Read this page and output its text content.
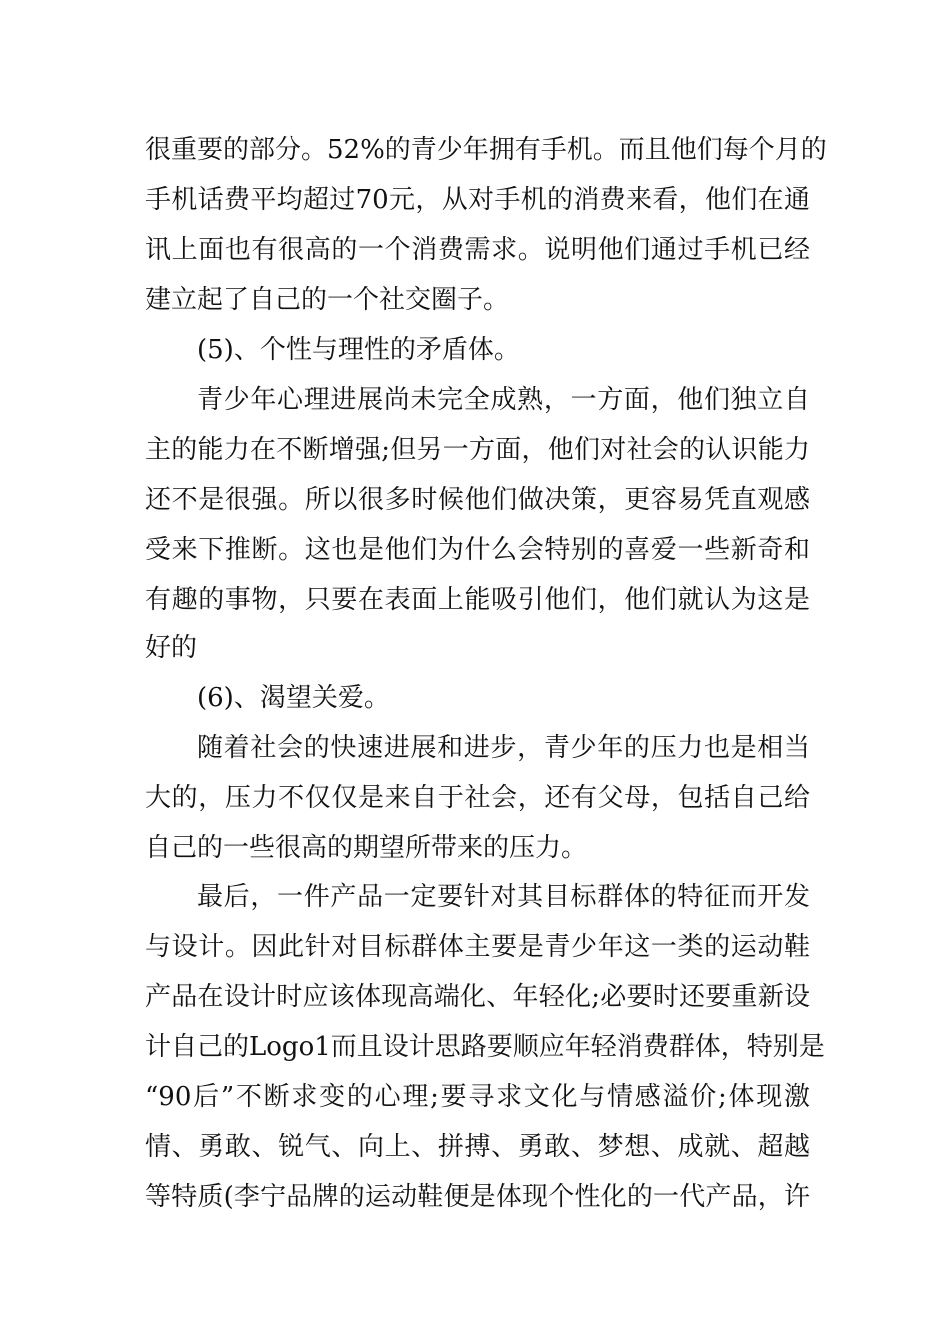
很重要的部分。52%的青少年拥有手机。而且他们每个月的
手机话费平均超过70元，从对手机的消费来看，他们在通
讯上面也有很高的一个消费需求。说明他们通过手机已经
建立起了自己的一个社交圈子。
(5)、个性与理性的矛盾体。
青少年心理进展尚未完全成熟，一方面，他们独立自
主的能力在不断增强;但另一方面，他们对社会的认识能力
还不是很强。所以很多时候他们做决策，更容易凭直观感
受来下推断。这也是他们为什么会特别的喜爱一些新奇和
有趣的事物，只要在表面上能吸引他们，他们就认为这是
好的
(6)、渴望关爱。
随着社会的快速进展和进步，青少年的压力也是相当
大的，压力不仅仅是来自于社会，还有父母，包括自己给
自己的一些很高的期望所带来的压力。
最后，一件产品一定要针对其目标群体的特征而开发
与设计。因此针对目标群体主要是青少年这一类的运动鞋
产品在设计时应该体现高端化、年轻化;必要时还要重新设
计自己的Logo1而且设计思路要顺应年轻消费群体，特别是
“90后”不断求变的心理;要寻求文化与情感溢价;体现激
情、勇敢、锐气、向上、拼搏、勇敢、梦想、成就、超越
等特质(李宁品牌的运动鞋便是体现个性化的一代产品，许
